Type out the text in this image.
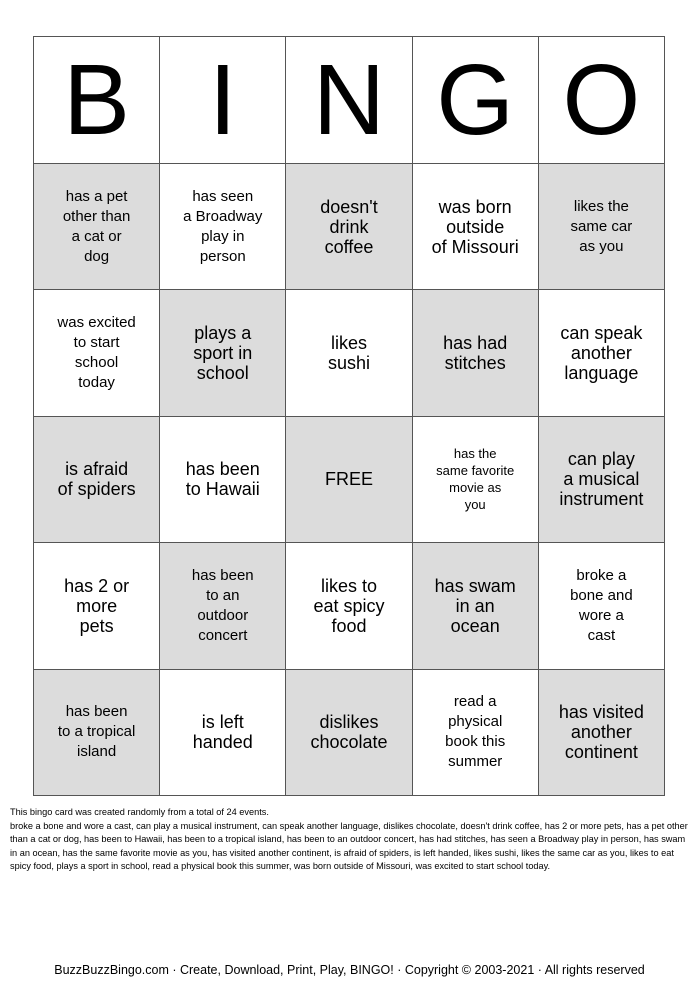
B I N G O
has a pet
other than
a cat or
dog
has seen
a Broadway
play in
person
doesn't
drink
coffee
was born
outside
of Missouri
likes the
same car
as you
was excited
to start
school
today
plays a
sport in
school
likes
sushi
has had
stitches
can speak
another
language
is afraid
of spiders
has been
to Hawaii	FREE
has the
same favorite
movie as
you
can play
a musical
instrument
has 2 or
more
pets
has been
to an
outdoor
concert
likes to
eat spicy
food
has swam
in an
ocean
broke a
bone and
wore a
cast
has been
to a tropical
island
is left
handed
dislikes
chocolate
read a
physical
book this
summer
has visited
another
continent
This bingo card was created randomly from a total of 24 events.
broke a bone and wore a cast, can play a musical instrument, can speak another language, dislikes chocolate, doesn't drink coffee, has 2 or more pets, has a pet other than a cat or dog, has been to Hawaii, has been to a tropical island, has been to an outdoor concert, has had stitches, has seen a Broadway play in person, has swam in an ocean, has the same favorite movie as you, has visited another continent, is afraid of spiders, is left handed, likes sushi, likes the same car as you, likes to eat spicy food, plays a sport in school, read a physical book this summer, was born outside of Missouri, was excited to start school today.
BuzzBuzzBingo.com · Create, Download, Print, Play, BINGO! · Copyright © 2003-2021 · All rights reserved
